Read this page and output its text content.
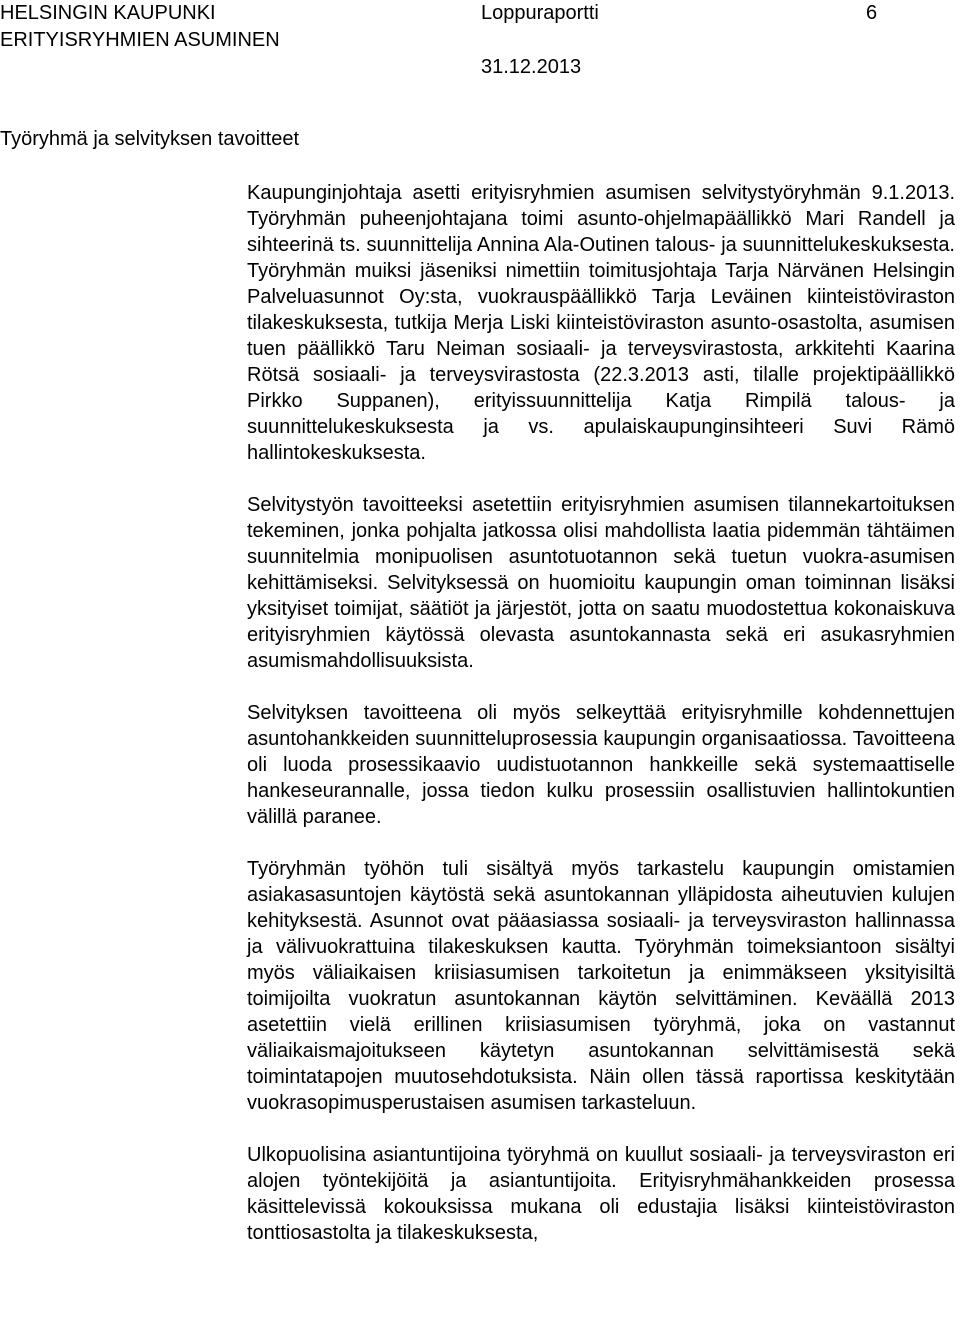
HELSINGIN KAUPUNKI
ERITYISRYHMIEN ASUMINEN
Loppuraportti	6
31.12.2013
Työryhmä ja selvityksen tavoitteet

Kaupunginjohtaja asetti erityisryhmien asumisen selvitystyöryhmän 9.1.2013. Työryhmän puheenjohtajana toimi asunto-ohjelmapäällikkö Mari Randell ja sihteerinä ts. suunnittelija Annina Ala-Outinen talous- ja suunnittelukeskuksesta. Työryhmän muiksi jäseniksi nimettiin toimitusjohtaja Tarja Närvänen Helsingin Palveluasunnot Oy:sta, vuokrauspäällikkö Tarja Leväinen kiinteistöviraston tilakeskuksesta, tutkija Merja Liski kiinteistöviraston asunto-osastolta, asumisen tuen päällikkö Taru Neiman sosiaali- ja terveysvirastosta, arkkitehti Kaarina Rötsä sosiaali- ja terveysvirastosta (22.3.2013 asti, tilalle projektipäällikkö Pirkko Suppanen), erityissuunnittelija Katja Rimpilä talous- ja suunnittelukeskuksesta ja vs. apulaiskaupunginsihteeri Suvi Rämö hallintokeskuksesta.

Selvitystyön tavoitteeksi asetettiin erityisryhmien asumisen tilannekartoituksen tekeminen, jonka pohjalta jatkossa olisi mahdollista laatia pidemmän tähtäimen suunnitelmia monipuolisen asuntotuotannon sekä tuetun vuokra-asumisen kehittämiseksi. Selvityksessä on huomioitu kaupungin oman toiminnan lisäksi yksityiset toimijat, säätiöt ja järjestöt, jotta on saatu muodostettua kokonaiskuva erityisryhmien käytössä olevasta asuntokannasta sekä eri asukasryhmien asumismahdollisuuksista.

Selvityksen tavoitteena oli myös selkeyttää erityisryhmille kohdennettujen asuntohankkeiden suunnitteluprosessia kaupungin organisaatiossa. Tavoitteena oli luoda prosessikaavio uudistuotannon hankkeille sekä systemaattiselle hankeseurannalle, jossa tiedon kulku prosessiin osallistuvien hallintokuntien välillä paranee.

Työryhmän työhön tuli sisältyä myös tarkastelu kaupungin omistamien asiakasasuntojen käytöstä sekä asuntokannan ylläpidosta aiheutuvien kulujen kehityksestä. Asunnot ovat pääasiassa sosiaali- ja terveysviraston hallinnassa ja välivuokrattuina tilakeskuksen kautta. Työryhmän toimeksiantoon sisältyi myös väliaikaisen kriisiasumisen tarkoitetun ja enimmäkseen yksityisiltä toimijoilta vuokratun asuntokannan käytön selvittäminen. Keväällä 2013 asetettiin vielä erillinen kriisiasumisen työryhmä, joka on vastannut väliaikaismajoitukseen käytetyn asuntokannan selvittämisestä sekä toimintatapojen muutosehdotuksista. Näin ollen tässä raportissa keskitytään vuokrasopimusperustaisen asumisen tarkasteluun.

Ulkopuolisina asiantuntijoina työryhmä on kuullut sosiaali- ja terveysviraston eri alojen työntekijöitä ja asiantuntijoita. Erityisryhmähankkeiden prosessa käsittelevissä kokouksissa mukana oli edustajia lisäksi kiinteistöviraston tonttiosastolta ja tilakeskuksesta,
